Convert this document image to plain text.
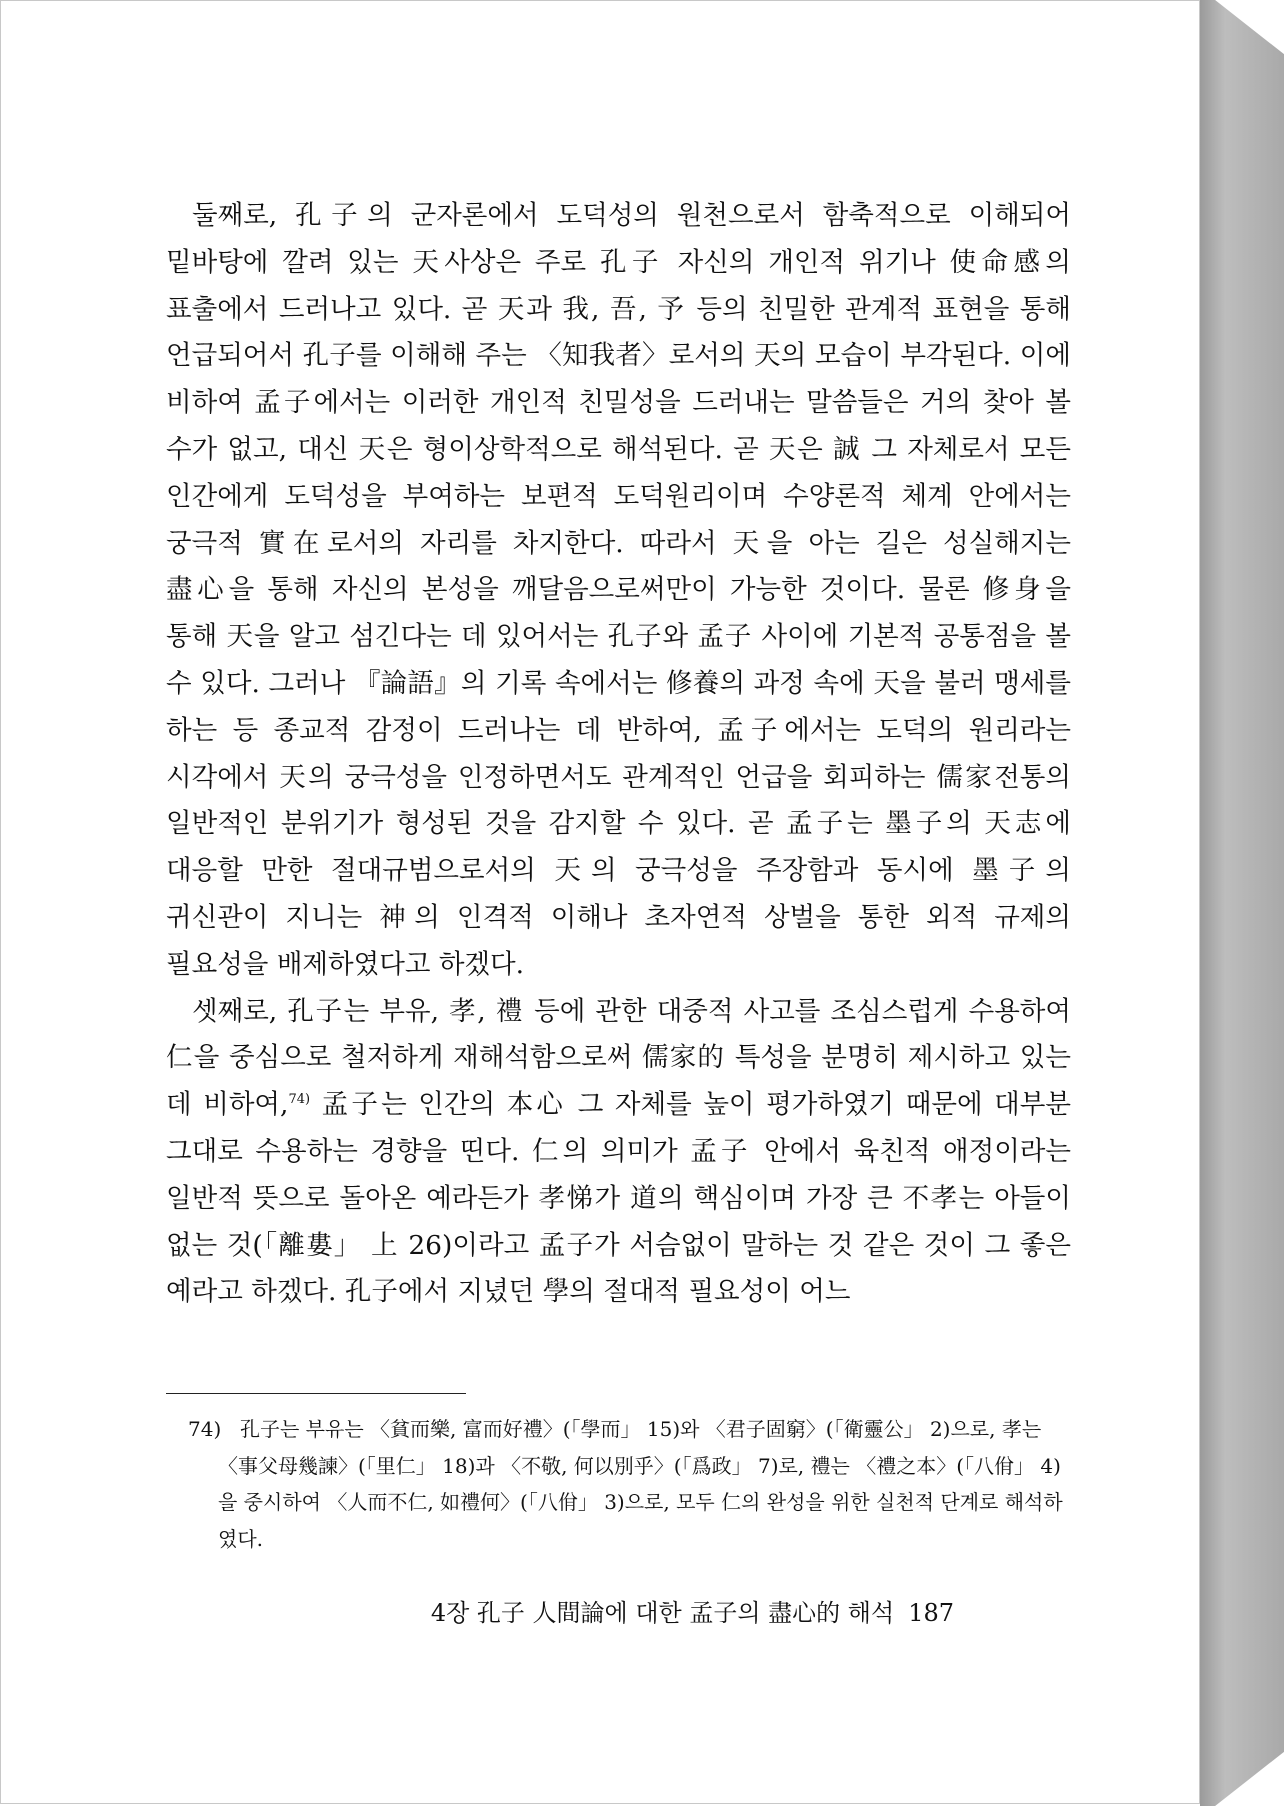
둘째로, 孔子의 군자론에서 도덕성의 원천으로서 함축적으로 이해되어 밑바탕에 깔려 있는 天사상은 주로 孔子 자신의 개인적 위기나 使命感의 표출에서 드러나고 있다. 곧 天과 我, 吾, 予 등의 친밀한 관계적 표현을 통해 언급되어서 孔子를 이해해 주는 〈知我者〉로서의 天의 모습이 부각된다. 이에 비하여 孟子에서는 이러한 개인적 친밀성을 드러내는 말씀들은 거의 찾아 볼 수가 없고, 대신 天은 형이상학적으로 해석된다. 곧 天은 誠 그 자체로서 모든 인간에게 도덕성을 부여하는 보편적 도덕원리이며 수양론적 체계 안에서는 궁극적 實在로서의 자리를 차지한다. 따라서 天을 아는 길은 성실해지는 盡心을 통해 자신의 본성을 깨달음으로써만이 가능한 것이다. 물론 修身을 통해 天을 알고 섬긴다는 데 있어서는 孔子와 孟子 사이에 기본적 공통점을 볼 수 있다. 그러나 『論語』의 기록 속에서는 修養의 과정 속에 天을 불러 맹세를 하는 등 종교적 감정이 드러나는 데 반하여, 孟子에서는 도덕의 원리라는 시각에서 天의 궁극성을 인정하면서도 관계적인 언급을 회피하는 儒家전통의 일반적인 분위기가 형성된 것을 감지할 수 있다. 곧 孟子는 墨子의 天志에 대응할 만한 절대규범으로서의 天의 궁극성을 주장함과 동시에 墨子의 귀신관이 지니는 神의 인격적 이해나 초자연적 상벌을 통한 외적 규제의 필요성을 배제하였다고 하겠다.

셋째로, 孔子는 부유, 孝, 禮 등에 관한 대중적 사고를 조심스럽게 수용하여 仁을 중심으로 철저하게 재해석함으로써 儒家的 특성을 분명히 제시하고 있는 데 비하여,$^{74)}$ 孟子는 인간의 本心 그 자체를 높이 평가하였기 때문에 대부분 그대로 수용하는 경향을 띤다. 仁의 의미가 孟子 안에서 육친적 애정이라는 일반적 뜻으로 돌아온 예라든가 孝悌가 道의 핵심이며 가장 큰 不孝는 아들이 없는 것(「離婁」 上 26)이라고 孟子가 서슴없이 말하는 것 같은 것이 그 좋은 예라고 하겠다. 孔子에서 지녔던 學의 절대적 필요성이 어느

74) 孔子는 부유는 〈貧而樂, 富而好禮〉(「學而」 15)와 〈君子固窮〉(「衛靈公」 2)으로, 孝는
〈事父母幾諫〉(「里仁」 18)과 〈不敬, 何以別乎〉(「爲政」 7)로, 禮는 〈禮之本〉(「八佾」 4)을 중시하여 〈人而不仁, 如禮何〉(「八佾」 3)으로, 모두 仁의 완성을 위한 실천적 단계로 해석하였다.
4장 孔子 人間論에 대한 孟子의 盡心的 해석 187
